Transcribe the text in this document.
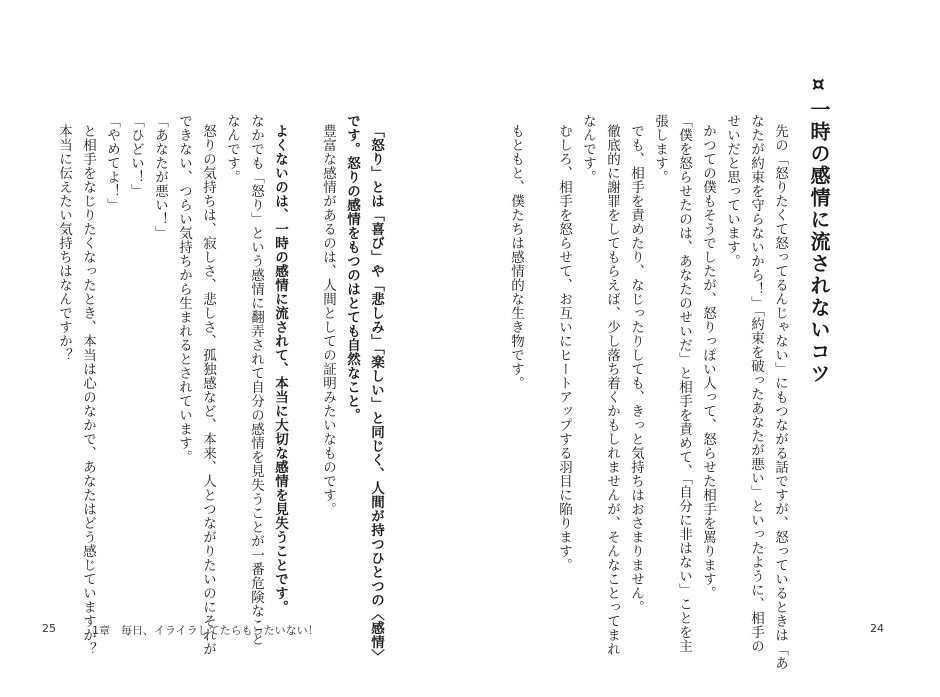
¤一時の感情に流されないコツ
先の「怒りたくて怒ってるんじゃない」にもつながる話ですが、怒っているときは「あ
なたが約束を守らないから！」「約束を破ったあなたが悪い」といったように、相手の
せいだと思っています。
かつての僕もそうでしたが、怒りっぽい人って、怒らせた相手を罵ります。
「僕を怒らせたのは、あなたのせいだ」と相手を責めて、「自分に非はない」ことを主
張します。
でも、相手を責めたり、なじったりしても、きっと気持ちはおさまりません。
徹底的に謝罪をしてもらえば、少し落ち着くかもしれませんが、そんなことってまれ
なんです。
むしろ、相手を怒らせて、お互いにヒートアップする羽目に陥ります。
もともと、僕たちは感情的な生き物です。
24
「怒り」とは「喜び」や「悲しみ」「楽しい」と同じく、人間が持つひとつの〈感情〉
です。怒りの感情をもつのはとても自然なこと。
豊富な感情があるのは、人間としての証明みたいなものです。
よくないのは、一時の感情に流されて、本当に大切な感情を見失うことです。
なかでも「怒り」という感情に翻弄されて自分の感情を見失うことが一番危険なこと
なんです。
怒りの気持ちは、寂しさ、悲しさ、孤独感など、本来、人とつながりたいのにそれが
できない、つらい気持ちから生まれるとされています。
「あなたが悪い！」
「ひどい！」
「やめてよ！」
と相手をなじりたくなったとき、本当は心のなかで、あなたはどう感じていますか？
本当に伝えたい気持ちはなんですか？
25	1章　毎日、イライラしてたらもったいない！
